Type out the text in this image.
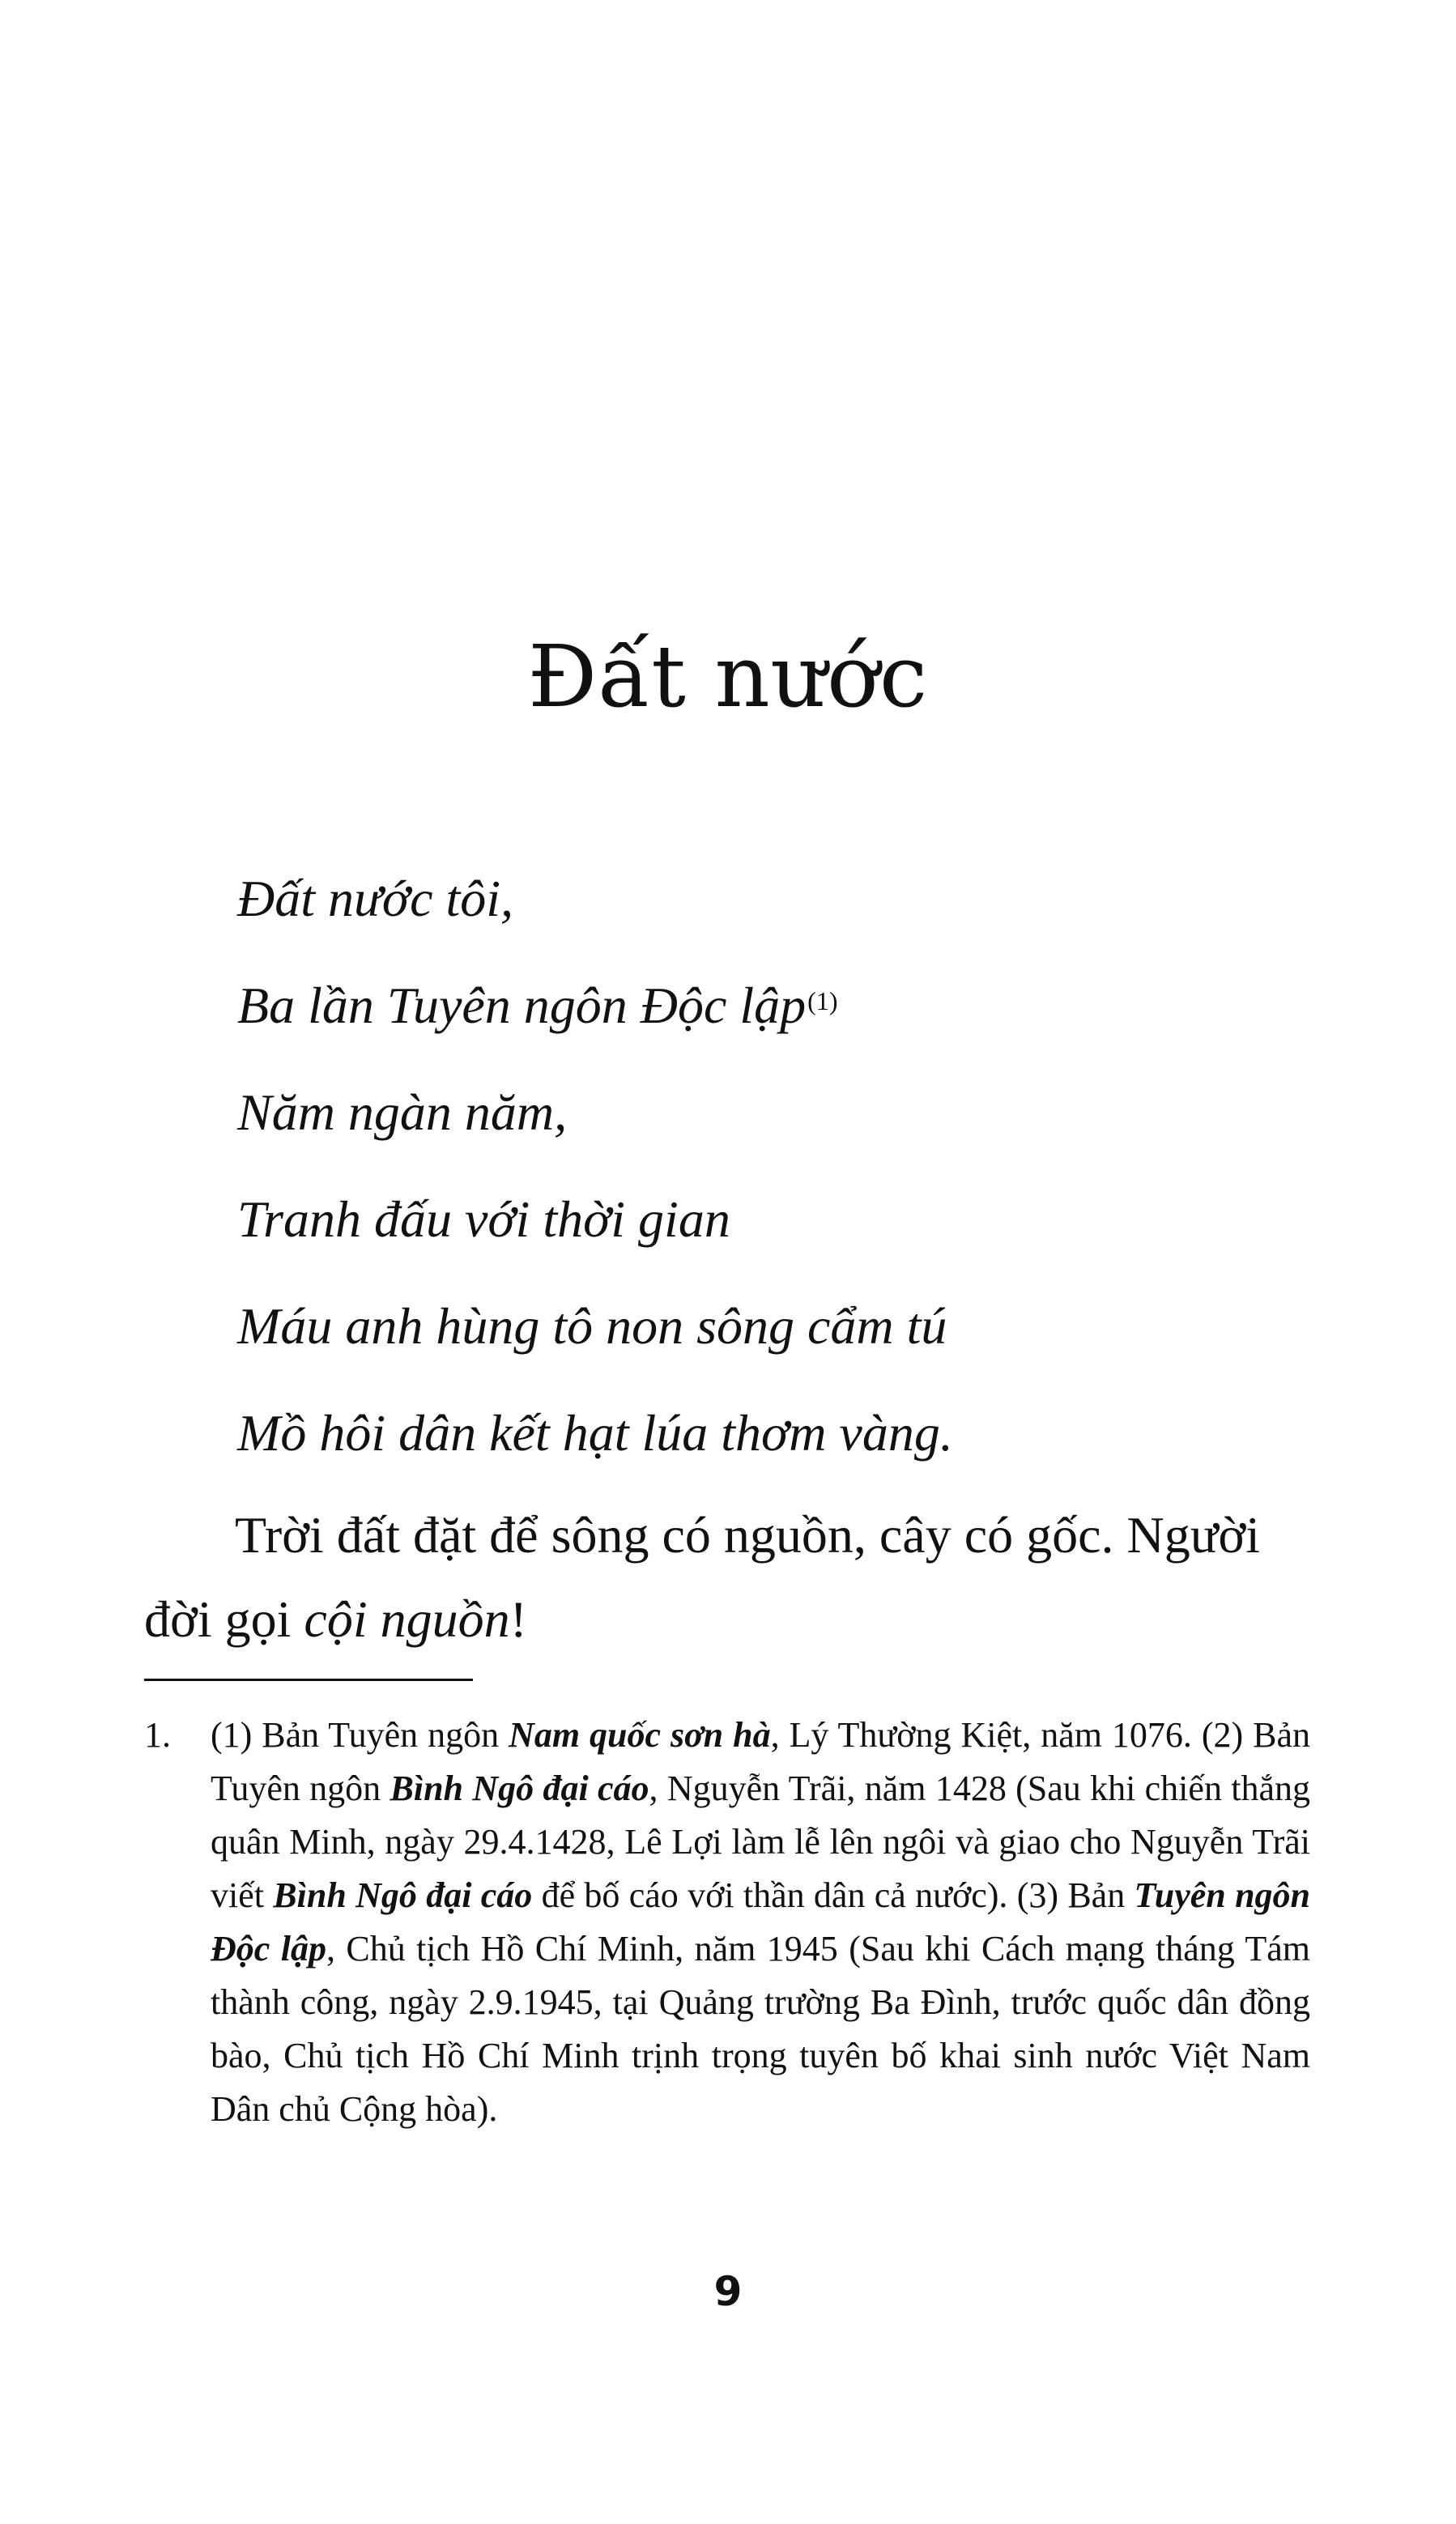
Đất nước
Đất nước tôi,
Ba lần Tuyên ngôn Độc lập$^{(1)}$
Năm ngàn năm,
Tranh đấu với thời gian
Máu anh hùng tô non sông cẩm tú
Mồ hôi dân kết hạt lúa thơm vàng.

Trời đất đặt để sông có nguồn, cây có gốc. Người đời gọi cội nguồn!

1. (1) Bản Tuyên ngôn Nam quốc sơn hà, Lý Thường Kiệt, năm 1076. (2) Bản Tuyên ngôn Bình Ngô đại cáo, Nguyễn Trãi, năm 1428 (Sau khi chiến thắng quân Minh, ngày 29.4.1428, Lê Lợi làm lễ lên ngôi và giao cho Nguyễn Trãi viết Bình Ngô đại cáo để bố cáo với thần dân cả nước). (3) Bản Tuyên ngôn Độc lập, Chủ tịch Hồ Chí Minh, năm 1945 (Sau khi Cách mạng tháng Tám thành công, ngày 2.9.1945, tại Quảng trường Ba Đình, trước quốc dân đồng bào, Chủ tịch Hồ Chí Minh trịnh trọng tuyên bố khai sinh nước Việt Nam Dân chủ Cộng hòa).
9
